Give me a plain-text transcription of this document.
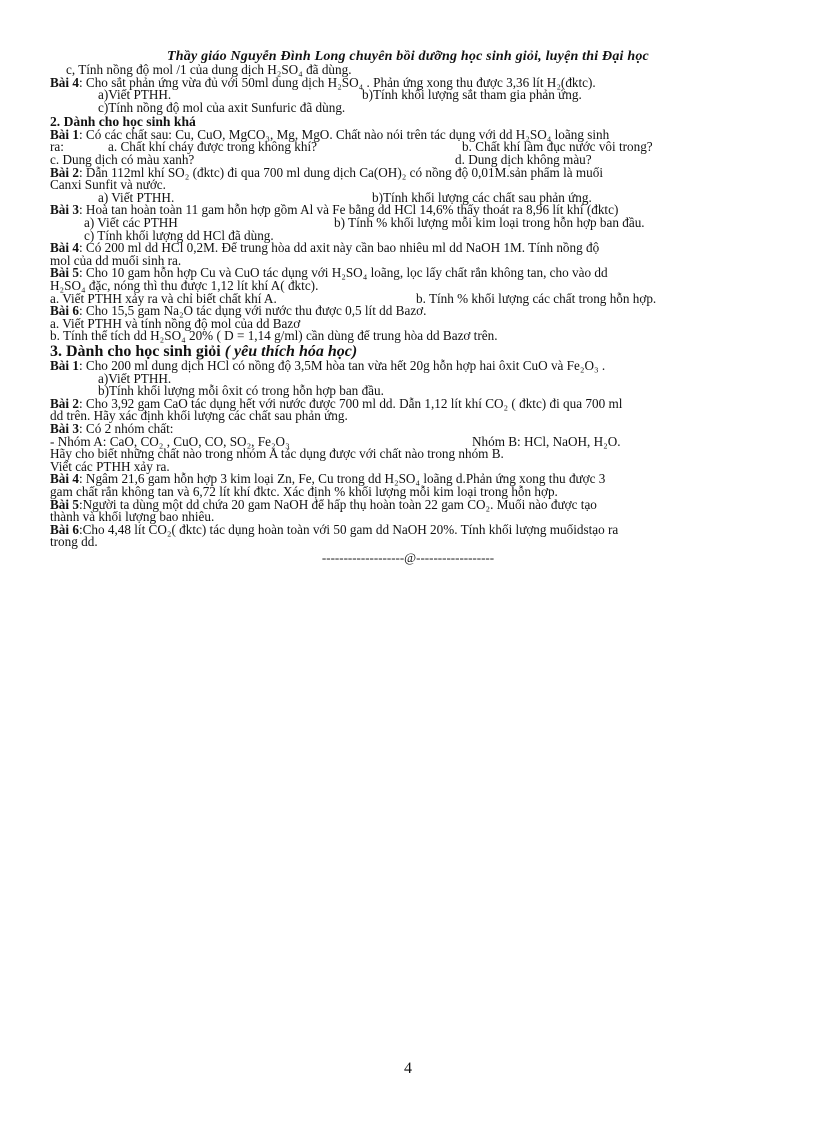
Thầy giáo Nguyễn Đình Long chuyên bồi dưỡng học sinh giỏi, luyện thi Đại học
c, Tính nồng độ mol /1 của dung dịch H₂SO₄ đã dùng.
Bài 4: Cho sắt phản ứng vừa đủ với 50ml dung dịch H₂SO₄ . Phản ứng xong thu được 3,36 lít H₂(đktc).
a)Viết PTHH.	b)Tính khối lượng sắt tham gia phản ứng.
c)Tính nồng độ mol của axit Sunfuric đã dùng.
2. Dành cho học sinh khá
Bài 1: Có các chất sau: Cu, CuO, MgCO₃, Mg, MgO. Chất nào nói trên tác dụng với dd H₂SO₄ loãng sinh
ra:	a. Chất khí cháy được trong không khí?	b. Chất khí làm đục nước vôi trong?
c. Dung dịch có màu xanh?	d. Dung dịch không màu?
Bài 2: Dẫn 112ml khí SO₂ (đktc) đi qua 700 ml dung dịch Ca(OH)₂ có nồng độ 0,01M.sản phẩm là muối
Canxi Sunfit và nước.
a) Viết PTHH.	b)Tính khối lượng các chất sau phản ứng.
Bài 3: Hoà tan hoàn toàn 11 gam hỗn hợp gồm Al và Fe bằng dd HCl 14,6% thấy thoát ra 8,96 lít khí (đktc)
a) Viết các PTHH	b) Tính % khối lượng mỗi kim loại trong hỗn hợp ban đầu.
c) Tính khối lượng dd HCl đã dùng.
Bài 4: Có 200 ml dd HCl 0,2M. Để trung hòa dd axit này cần bao nhiêu ml dd NaOH 1M. Tính nồng độ
mol của dd muối sinh ra.
Bài 5: Cho 10 gam hỗn hợp Cu và CuO tác dụng với H₂SO₄ loãng, lọc lấy chất rắn không tan, cho vào dd
H₂SO₄ đặc, nóng thì thu được 1,12 lít khí A( đktc).
a. Viết PTHH xảy ra và chỉ biết chất khí A.	b. Tính % khối lượng các chất trong hỗn hợp.
Bài 6: Cho 15,5 gam Na₂O tác dụng với nước thu được 0,5 lít dd Bazơ.
a. Viết PTHH và tính nồng độ mol của dd Bazơ
b. Tính thể tích dd H₂SO₄ 20% ( D = 1,14 g/ml) cần dùng để trung hòa dd Bazơ trên.
3. Dành cho học sinh giỏi ( yêu thích hóa học)
Bài 1: Cho 200 ml dung dịch HCl có nồng độ 3,5M hòa tan vừa hết 20g hỗn hợp hai ôxit CuO và Fe₂O₃ .
a)Viết PTHH.
b)Tính khối lượng mỗi ôxit có trong hỗn hợp ban đầu.
Bài 2: Cho 3,92 gam CaO tác dụng hết với nước được 700 ml dd. Dẫn 1,12 lít khí CO₂ ( đktc) đi qua 700 ml
dd trên. Hãy xác định khối lượng các chất sau phản ứng.
Bài 3: Có 2 nhóm chất:
- Nhóm A: CaO, CO₂ , CuO, CO, SO₂, Fe₂O₃	Nhóm B: HCl, NaOH, H₂O.
Hãy cho biết những chất nào trong nhóm A tác dụng được với chất nào trong nhóm B.
Viết các PTHH xảy ra.
Bài 4: Ngâm 21,6 gam hỗn hợp 3 kim loại Zn, Fe, Cu trong dd H₂SO₄ loãng d.Phản ứng xong thu được 3
gam chất rắn không tan và 6,72 lít khí đktc. Xác định % khối lượng mỗi kim loại trong hỗn hợp.
Bài 5:Người ta dùng một dd chứa 20 gam NaOH để hấp thụ hoàn toàn 22 gam CO₂. Muối nào được tạo
thành và khối lượng bao nhiêu.
Bài 6:Cho 4,48 lít CO₂( đktc) tác dụng hoàn toàn với 50 gam dd NaOH 20%. Tính khối lượng muốidstạo ra
trong dd.
-------------------@------------------
4
